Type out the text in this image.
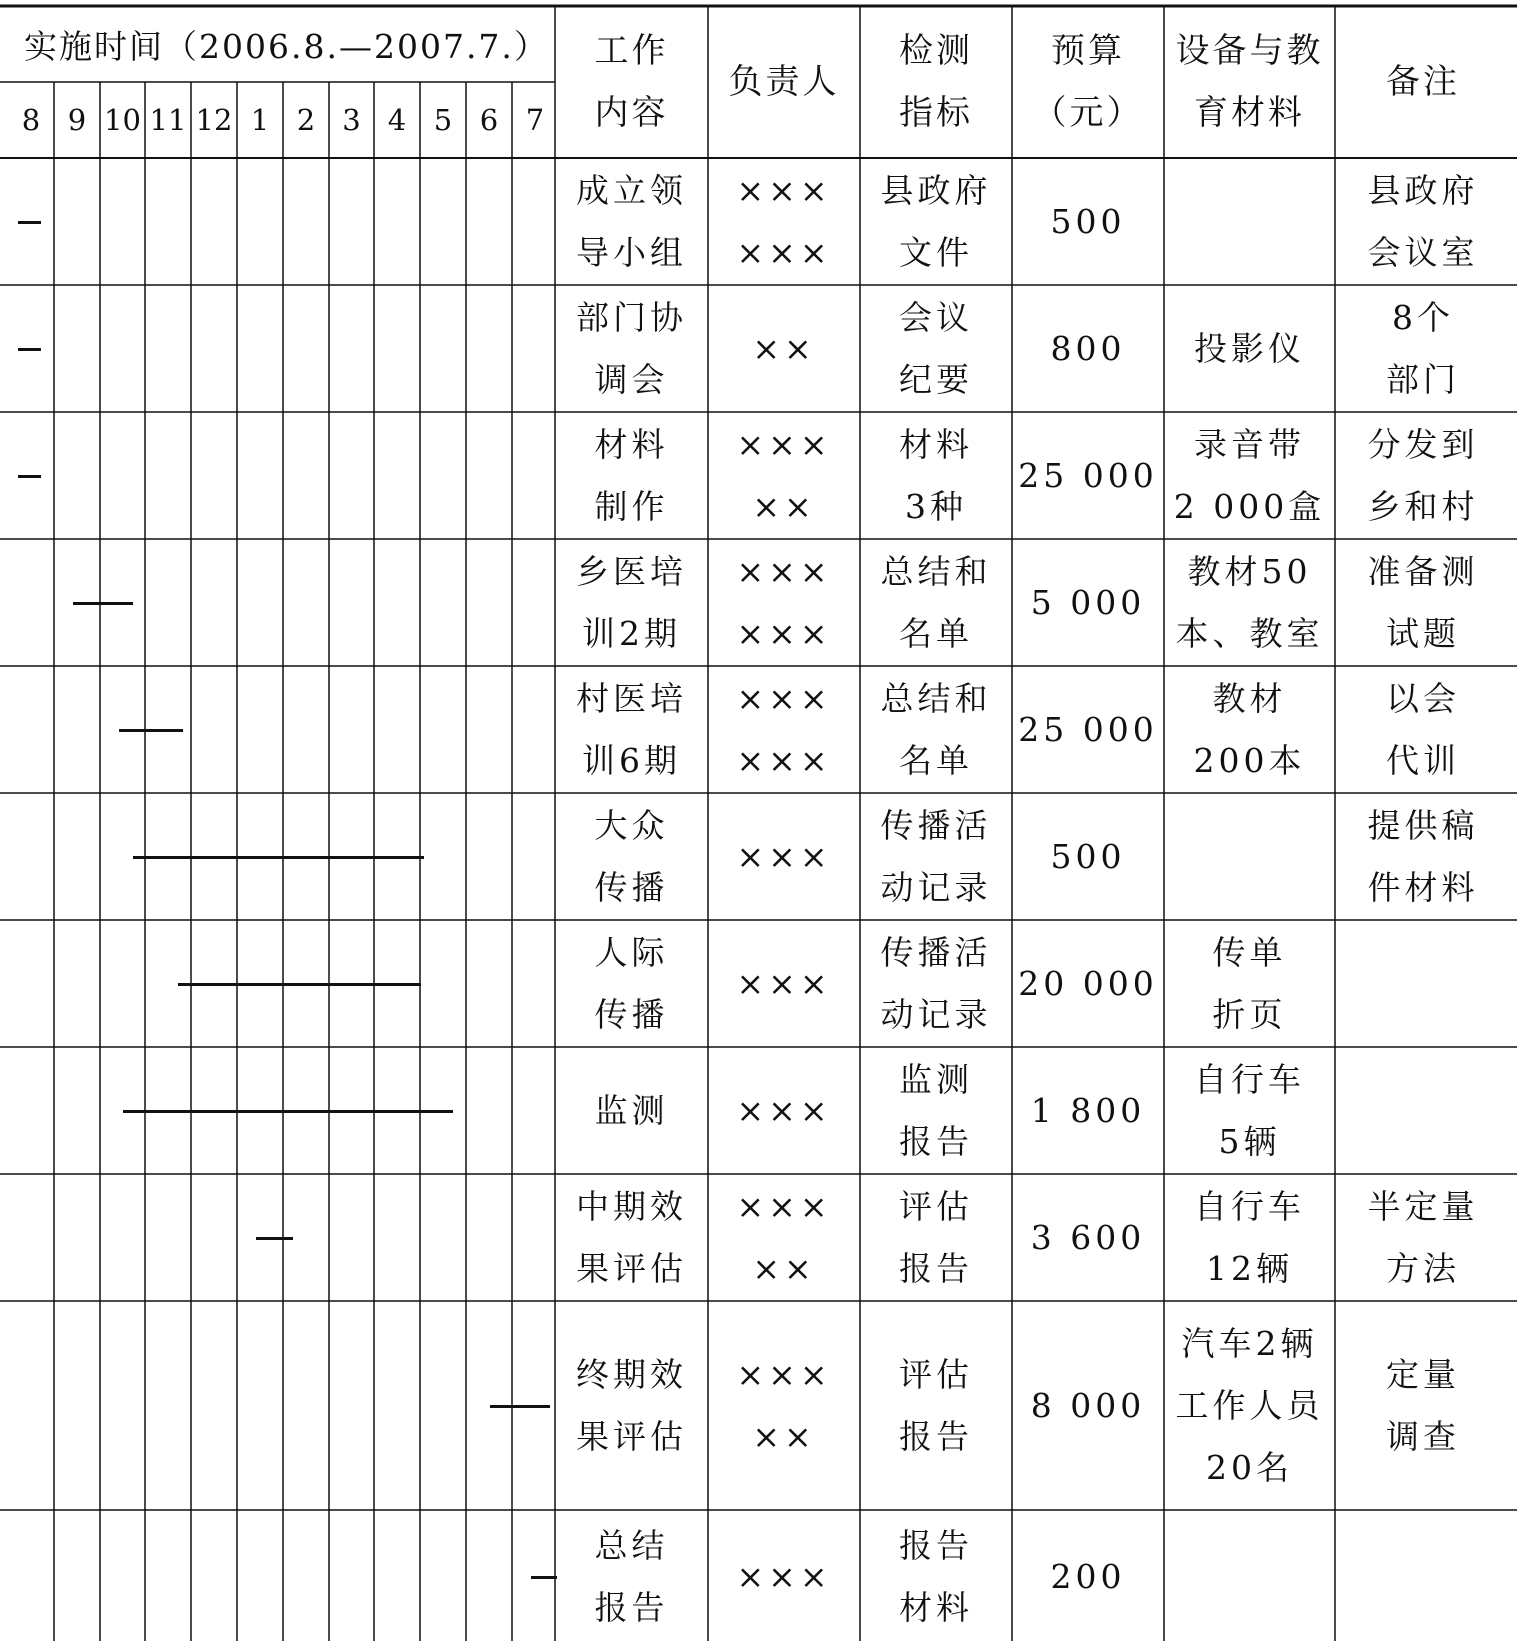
实施时间（2006.8.—2007.7.）
8 9 10 11 12 1 2 3 4 5 6 7
工作
内容
负责人
检测
指标
预算
（元）
设备与教
育材料
备注
成立领
导小组
×××
×××
县政府
文件
500
县政府
会议室
部门协
调会
××
会议
纪要
800	投影仪
8个
部门
材料
制作
×××
××
材料
3种
25 000
录音带
2 000盒
分发到
乡和村
乡医培
训2期
×××
×××
总结和
名单
5 000
教材50
本、教室
准备测
试题
村医培
训6期
×××
×××
总结和
名单
25 000
教材
200本
以会
代训
大众
传播
×××
传播活
动记录
500
提供稿
件材料
人际
传播
×××
传播活
动记录
20 000
传单
折页
监测	×××
监测
报告
1 800
自行车
5辆
中期效
果评估
×××
××
评估
报告
3 600
自行车
12辆
半定量
方法
终期效
果评估
×××
××
评估
报告
8 000
汽车2辆
工作人员
20名
定量
调查
总结
报告
×××
报告
材料
200
